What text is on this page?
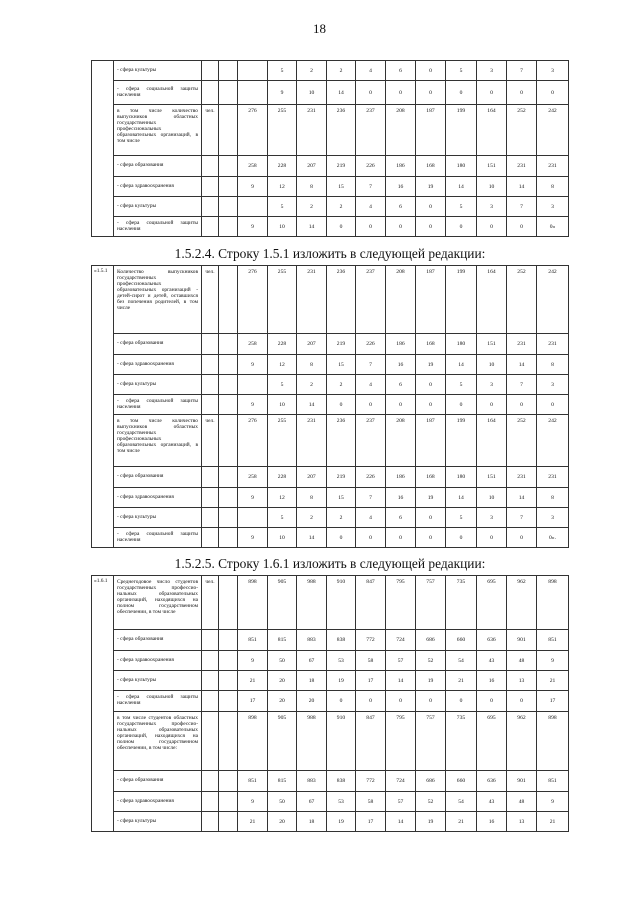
18
	- сфера культуры				5	2	2	4	6	0	5	3	7	3
	- сфера социальной защиты населения				9	10	14	0	0	0	0	0	0	0
	в том числе количество выпускников областных государственных профессиональных образовательных организаций, в том числе	чел.		276	255	231	236	237	208	187	199	164	252	242
	- сфера образования			258	228	207	219	226	186	168	180	151	231	231
	- сфера здравоохранения			9	12	8	15	7	16	19	14	10	14	8
	- сфера культуры				5	2	2	4	6	0	5	3	7	3
	- сфера социальной защиты населения			9	10	14	0	0	0	0	0	0	0	0»
1.5.2.4. Строку 1.5.1 изложить в следующей редакции:
«1.5.1	Количество выпускников государственных профессиональных образовательных организаций - детей-сирот и детей, оставшихся без попечения родителей, в том числе	чел.		276	255	231	236	237	208	187	199	164	252	242
	- сфера образования			258	228	207	219	226	186	168	180	151	231	231
	- сфера здравоохранения			9	12	8	15	7	16	19	14	10	14	8
	- сфера культуры				5	2	2	4	6	0	5	3	7	3
	- сфера социальной защиты населения			9	10	14	0	0	0	0	0	0	0	0
	в том числе количество выпускников областных государственных профессиональных образовательных организаций, в том числе	чел.		276	255	231	236	237	208	187	199	164	252	242
	- сфера образования			258	228	207	219	226	186	168	180	151	231	231
	- сфера здравоохранения			9	12	8	15	7	16	19	14	10	14	8
	- сфера культуры				5	2	2	4	6	0	5	3	7	3
	- сфера социальной защиты населения			9	10	14	0	0	0	0	0	0	0	0».
1.5.2.5. Строку 1.6.1 изложить в следующей редакции:
«1.6.1	Среднегодовое число студентов государственных профессио-нальных образовательных организаций, находящихся на полном государственном обеспечении, в том числе	чел.		898	905	988	910	847	795	757	735	695	962	898
	- сфера образования			851	815	883	838	772	724	686	660	636	901	851
	- сфера здравоохранения			9	50	67	53	58	57	52	54	43	48	9
	- сфера культуры			21	20	18	19	17	14	19	21	16	13	21
	- сфера социальной защиты населения			17	20	20	0	0	0	0	0	0	0	17
	в том числе студентов областных государственных профессио-нальных образовательных организаций, находящихся на полном государственном обеспечении, в том числе:			898	905	988	910	847	795	757	735	695	962	898
	- сфера образования			851	815	883	838	772	724	686	660	636	901	851
	- сфера здравоохранения			9	50	67	53	58	57	52	54	43	48	9
	- сфера культуры			21	20	18	19	17	14	19	21	16	13	21
